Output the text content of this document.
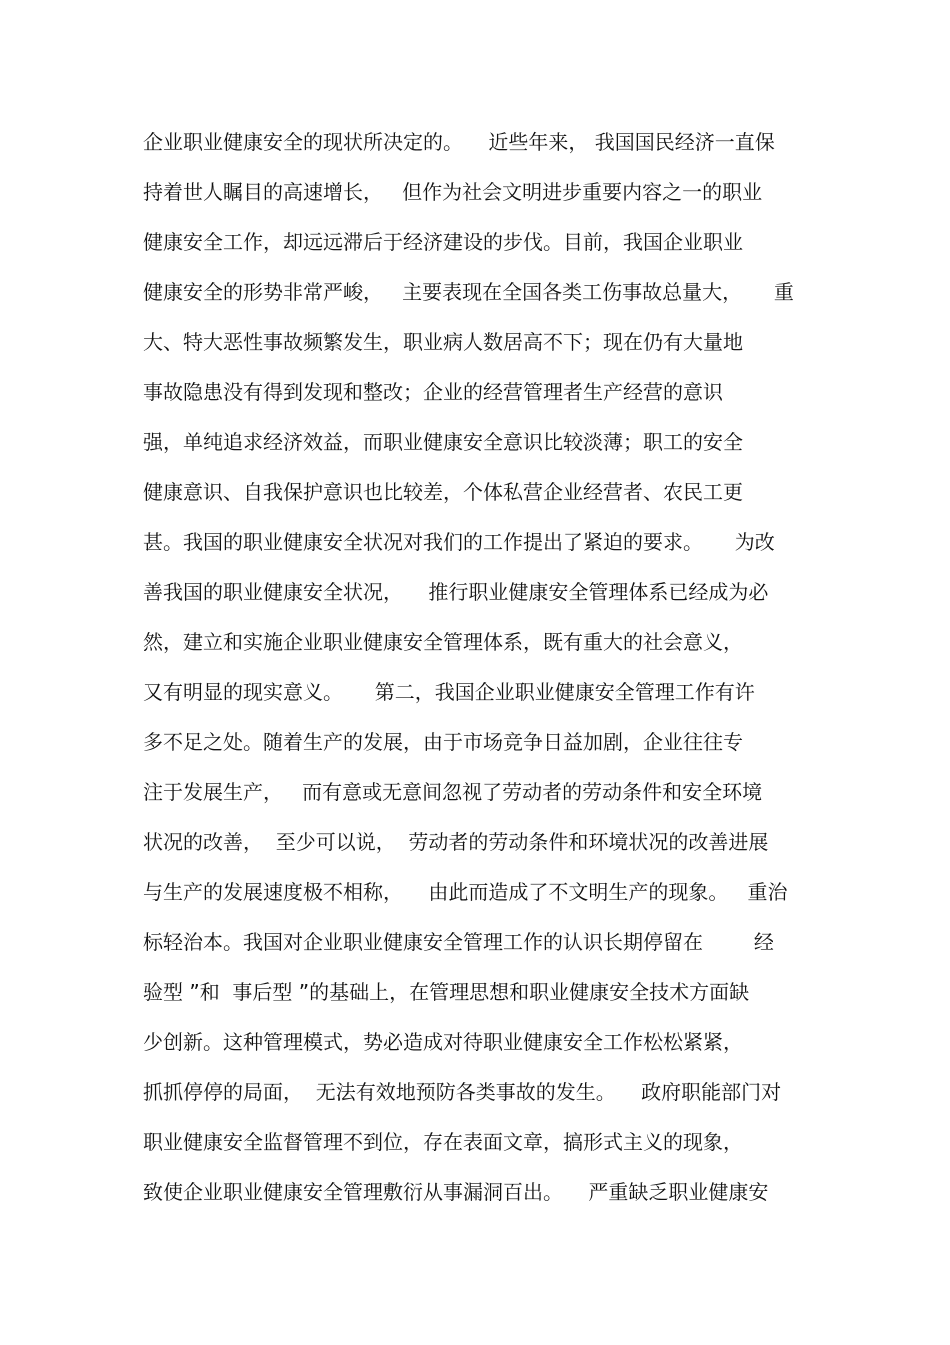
企业职业健康安全的现状所决定的。    近些年来， 我国国民经济一直保
持着世人瞩目的高速增长，   但作为社会文明进步重要内容之一的职业
健康安全工作，却远远滞后于经济建设的步伐。目前，我国企业职业
健康安全的形势非常严峻，   主要表现在全国各类工伤事故总量大，     重
大、特大恶性事故频繁发生，职业病人数居高不下；现在仍有大量地
事故隐患没有得到发现和整改；企业的经营管理者生产经营的意识
强，单纯追求经济效益，而职业健康安全意识比较淡薄；职工的安全
健康意识、自我保护意识也比较差，个体私营企业经营者、农民工更
甚。我国的职业健康安全状况对我们的工作提出了紧迫的要求。     为改
善我国的职业健康安全状况，    推行职业健康安全管理体系已经成为必
然，建立和实施企业职业健康安全管理体系，既有重大的社会意义，
又有明显的现实意义。     第二，我国企业职业健康安全管理工作有许
多不足之处。随着生产的发展，由于市场竞争日益加剧，企业往往专
注于发展生产，   而有意或无意间忽视了劳动者的劳动条件和安全环境
状况的改善，  至少可以说，  劳动者的劳动条件和环境状况的改善进展
与生产的发展速度极不相称，    由此而造成了不文明生产的现象。   重治
标轻治本。我国对企业职业健康安全管理工作的认识长期停留在        经
验型 ”和  事后型 ”的基础上，在管理思想和职业健康安全技术方面缺
少创新。这种管理模式，势必造成对待职业健康安全工作松松紧紧，
抓抓停停的局面，  无法有效地预防各类事故的发生。    政府职能部门对
职业健康安全监督管理不到位，存在表面文章，搞形式主义的现象，
致使企业职业健康安全管理敷衍从事漏洞百出。    严重缺乏职业健康安
